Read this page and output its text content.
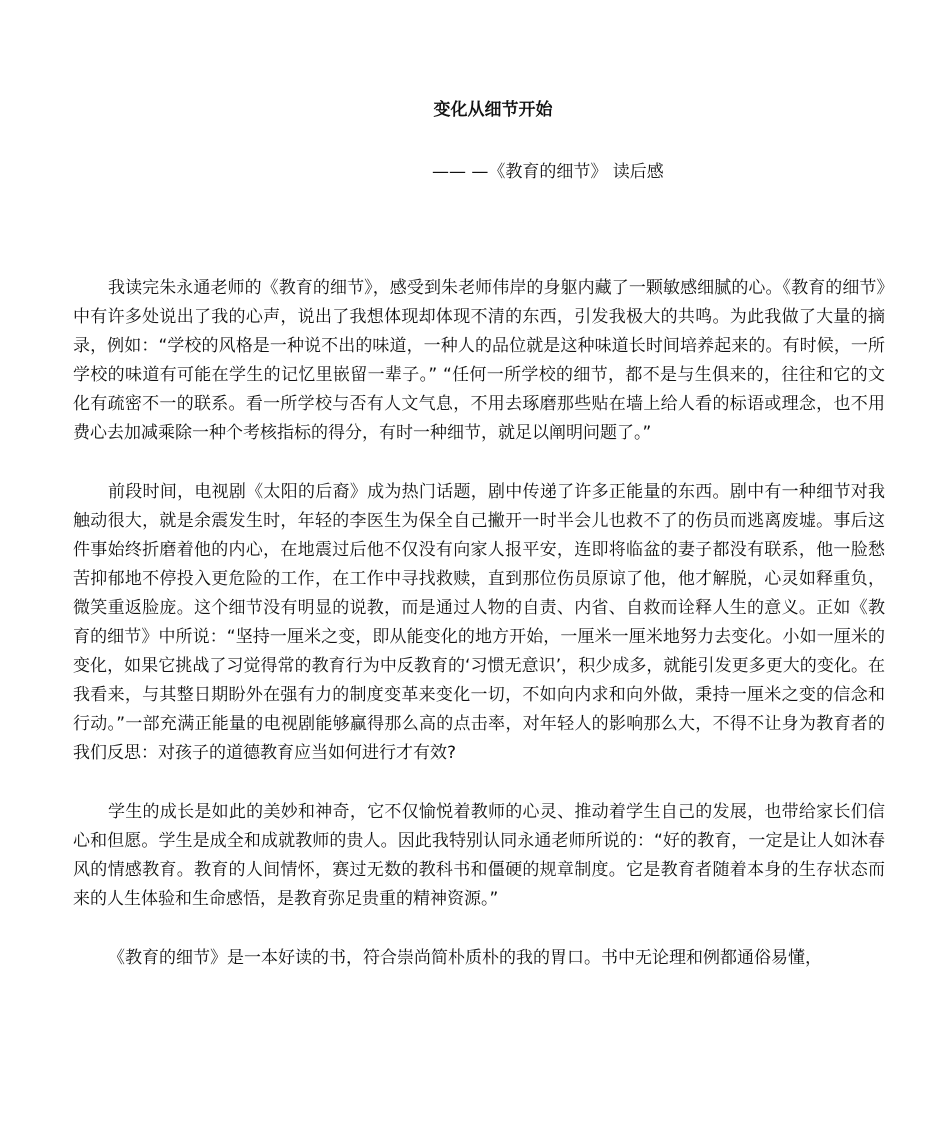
变化从细节开始
—— —《教育的细节》 读后感

我读完朱永通老师的《教育的细节》，感受到朱老师伟岸的身躯内藏了一颗敏感细腻的心。《教育的细节》中有许多处说出了我的心声，说出了我想体现却体现不清的东西，引发我极大的共鸣。为此我做了大量的摘录，例如：“学校的风格是一种说不出的味道，一种人的品位就是这种味道长时间培养起来的。有时候，一所学校的味道有可能在学生的记忆里嵌留一辈子。” “任何一所学校的细节，都不是与生俱来的，往往和它的文化有疏密不一的联系。看一所学校与否有人文气息，不用去琢磨那些贴在墙上给人看的标语或理念，也不用费心去加减乘除一种个考核指标的得分，有时一种细节，就足以阐明问题了。”

前段时间，电视剧《太阳的后裔》成为热门话题，剧中传递了许多正能量的东西。剧中有一种细节对我触动很大，就是余震发生时，年轻的李医生为保全自己撇开一时半会儿也救不了的伤员而逃离废墟。事后这件事始终折磨着他的内心，在地震过后他不仅没有向家人报平安，连即将临盆的妻子都没有联系，他一脸愁苦抑郁地不停投入更危险的工作，在工作中寻找救赎，直到那位伤员原谅了他，他才解脱，心灵如释重负，微笑重返脸庞。这个细节没有明显的说教，而是通过人物的自责、内省、自救而诠释人生的意义。正如《教育的细节》中所说：“坚持一厘米之变，即从能变化的地方开始，一厘米一厘米地努力去变化。小如一厘米的变化，如果它挑战了习觉得常的教育行为中反教育的‘习惯无意识’，积少成多，就能引发更多更大的变化。在我看来，与其整日期盼外在强有力的制度变革来变化一切，不如向内求和向外做，秉持一厘米之变的信念和行动。”一部充满正能量的电视剧能够赢得那么高的点击率，对年轻人的影响那么大，不得不让身为教育者的我们反思：对孩子的道德教育应当如何进行才有效?

学生的成长是如此的美妙和神奇，它不仅愉悦着教师的心灵、推动着学生自己的发展，也带给家长们信心和但愿。学生是成全和成就教师的贵人。因此我特别认同永通老师所说的：“好的教育，一定是让人如沐春风的情感教育。教育的人间情怀，赛过无数的教科书和僵硬的规章制度。它是教育者随着本身的生存状态而来的人生体验和生命感悟，是教育弥足贵重的精神资源。”

《教育的细节》是一本好读的书，符合崇尚简朴质朴的我的胃口。书中无论理和例都通俗易懂，
